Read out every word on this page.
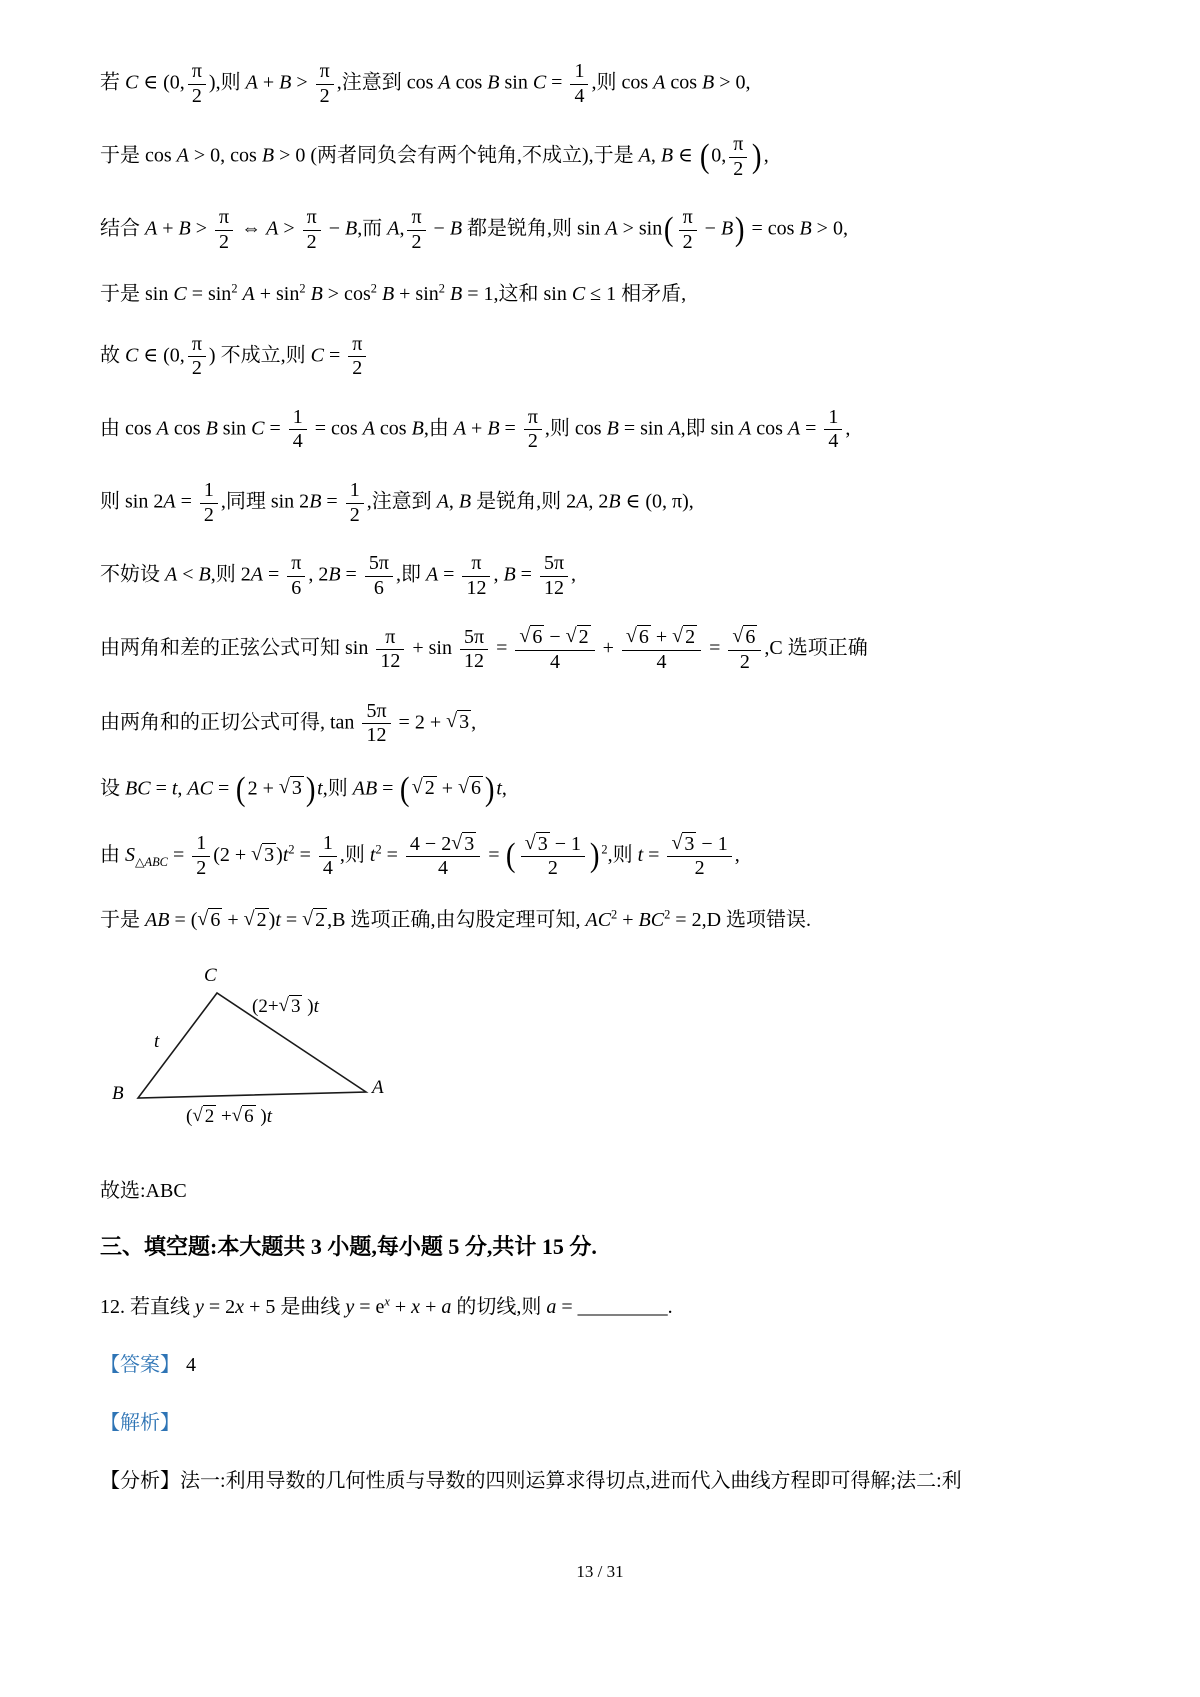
若 C ∈ (0, $\frac{\pi}{2}$ ),则 $A + B > \frac{\pi}{2}$ ,注意到 cos A cos B $\sin C = \frac{1}{4}$ ,则 cos A cos B > 0,
于是 cos A > 0, cos B > 0 (两者同负会有两个钝角,不成立),于是 A, B ∈ (0, $\frac{\pi}{2}$ ),
结合 $A + B > \frac{\pi}{2}$ ⇔ $A > \frac{\pi}{2} - B$,而 A, $\frac{\pi}{2} - B$ 都是锐角,则 $\sin A > \sin( \frac{\pi}{2} - B) = \cos B > 0$,
于是 $\sin C = \sin^2 A + \sin^2 B > \cos^2 B + \sin^2 B = 1$,这和 sin C ≤ 1 相矛盾,
故 C ∈ (0, $\frac{\pi}{2}$ ) 不成立,则 $C = \frac{\pi}{2}$
由 cos A cos B $\sin C = \frac{1}{4} = \cos A$ cos B,由 $A + B = \frac{\pi}{2}$ ,则 cos B = sin A,即 sin A $\cos A = \frac{1}{4}$ ,
则 $\sin 2A = \frac{1}{2}$ ,同理 $\sin 2B = \frac{1}{2}$ ,注意到 A, B 是锐角,则 2A, 2B ∈ (0, π),
不妨设 A < B,则 $2A = \frac{\pi}{6}$ , $2B = \frac{5\pi}{6}$ ,即 $A = \frac{\pi}{12}$ , $B = \frac{5\pi}{12}$ ,
由两角和差的正弦公式可知 $\sin \frac{\pi}{12} + \sin \frac{5\pi}{12} = \frac{√ 6 - √ 2}{4} + \frac{√ 6 + √ 2}{4} = \frac{√ 6}{2} ,C$ 选项正确
由两角和的正切公式可得, $\tan \frac{5\pi}{12} = 2$ + √ 3 ,
设 BC = t, AC = (2 + √ 3 )t,则 AB = (√ 2 + √ 6 )t,
由 $S_{\triangle ABC} = \frac{1}{2} (2$ + √ 3 )$t^2 = \frac{1}{4}$ ,则 $t^2 = \frac{4 - 2√ 3}{4}$ = ( $\frac{√ 3 - 1}{2}$ ) $^2$,则 $t = \frac{√ 3 - 1}{2}$ ,
于是 AB = (√ 6 + √ 2 )t = √ 2 ,B 选项正确,由勾股定理可知, $AC^2 + BC^2 = 2,D$ 选项错误.
C
B	A
t
(2+√ 3 )t
(√ 2 +√ 6 )t
故选:ABC
三、填空题:本大题共 3 小题,每小题 5 分,共计 15 分.
12. 若直线 y = 2x + 5 是曲线 $y = e^x + x + a$ 的切线,则 a = _________.
【答案】 4
【解析】
【分析】法一:利用导数的几何性质与导数的四则运算求得切点,进而代入曲线方程即可得解;法二:利
13 / 31
